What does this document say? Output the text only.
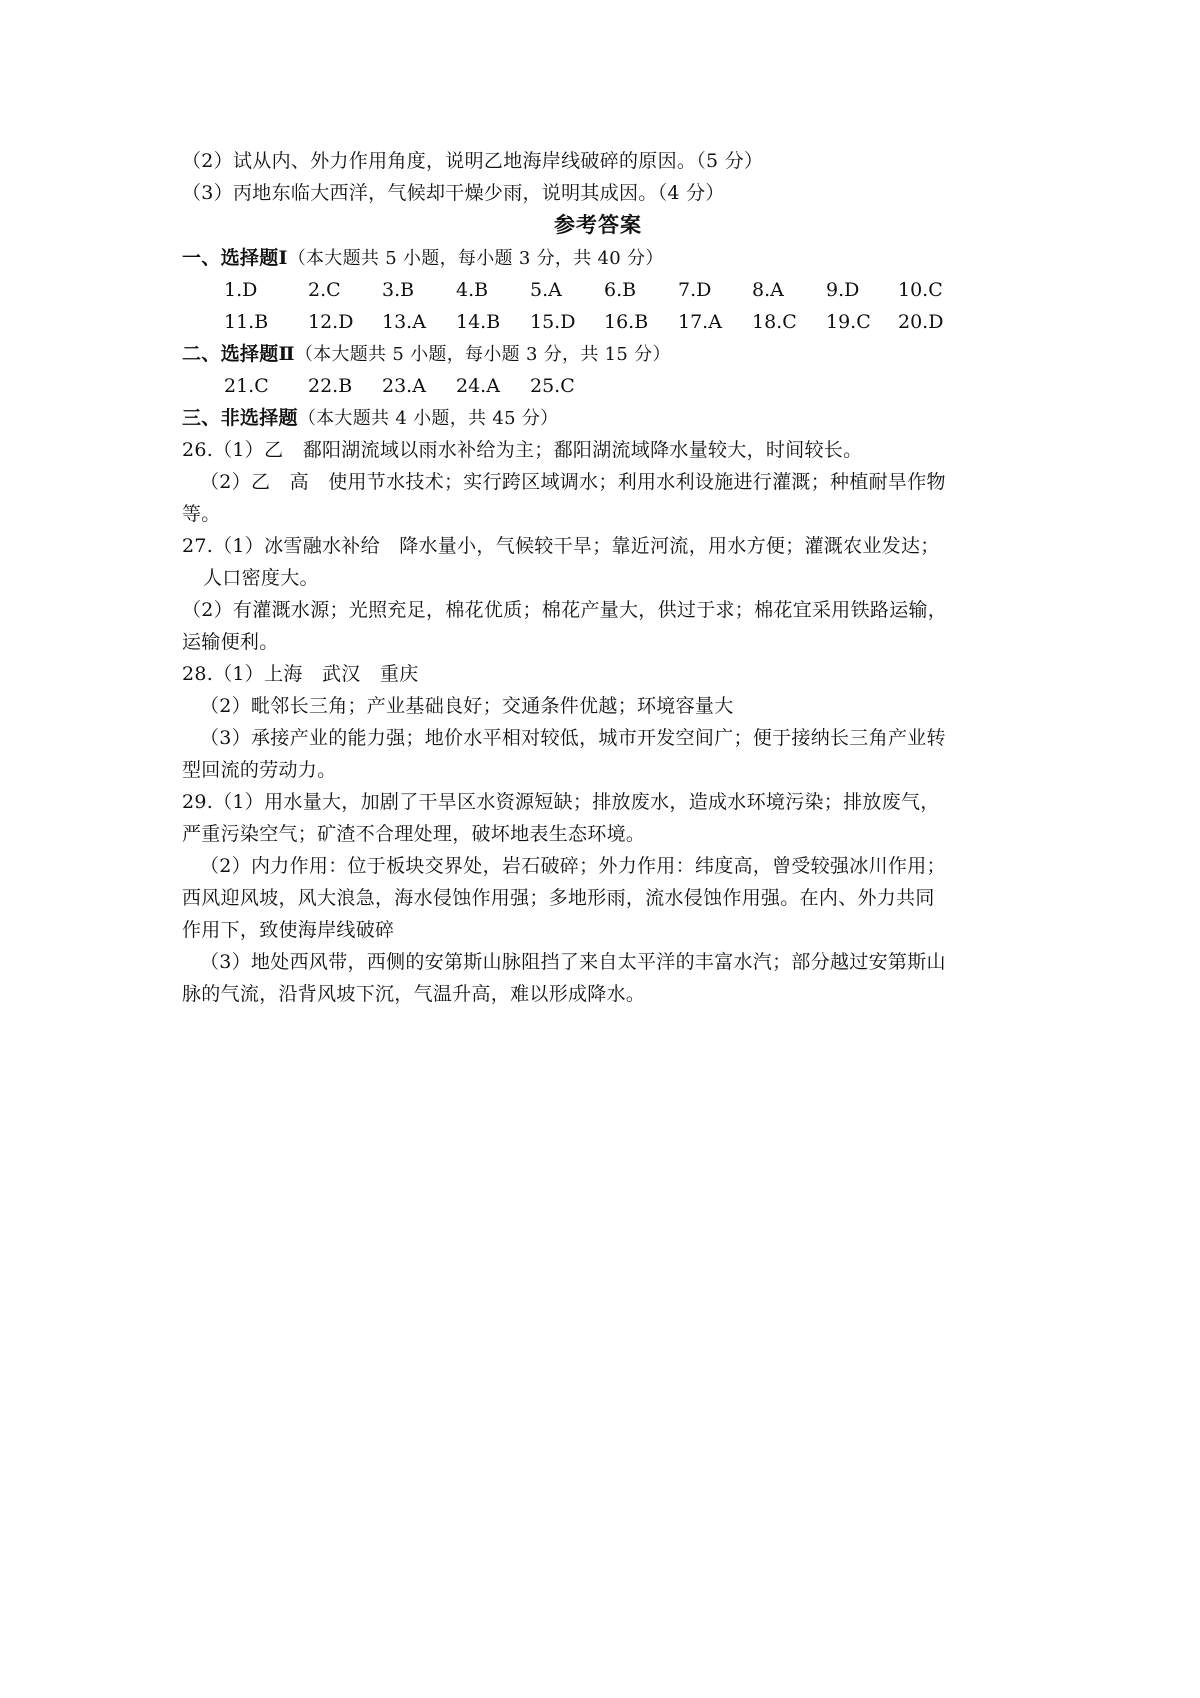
（2）试从内、外力作用角度，说明乙地海岸线破碎的原因。（5 分）
（3）丙地东临大西洋，气候却干燥少雨，说明其成因。（4 分）
参考答案
一、选择题Ⅰ（本大题共 5 小题，每小题 3 分，共 40 分）
1.D	2.C 3.B 4.B 5.A 6.B 7.D 8.A 9.D 10.C
11.B 12.D 13.A 14.B 15.D 16.B 17.A 18.C 19.C 20.D
二、选择题Ⅱ（本大题共 5 小题，每小题 3 分，共 15 分）
21.C 22.B 23.A 24.A 25.C
三、非选择题（本大题共 4 小题，共 45 分）
26.（1）乙　鄱阳湖流域以雨水补给为主；鄱阳湖流域降水量较大，时间较长。
（2）乙　高　使用节水技术；实行跨区域调水；利用水利设施进行灌溉；种植耐旱作物
等。
27.（1）冰雪融水补给　降水量小，气候较干旱；靠近河流，用水方便；灌溉农业发达；
人口密度大。
（2）有灌溉水源；光照充足，棉花优质；棉花产量大，供过于求；棉花宜采用铁路运输，
运输便利。
28.（1）上海　武汉　重庆
（2）毗邻长三角；产业基础良好；交通条件优越；环境容量大
（3）承接产业的能力强；地价水平相对较低，城市开发空间广；便于接纳长三角产业转
型回流的劳动力。
29.（1）用水量大，加剧了干旱区水资源短缺；排放废水，造成水环境污染；排放废气，
严重污染空气；矿渣不合理处理，破坏地表生态环境。
（2）内力作用：位于板块交界处，岩石破碎；外力作用：纬度高，曾受较强冰川作用；
西风迎风坡，风大浪急，海水侵蚀作用强；多地形雨，流水侵蚀作用强。在内、外力共同
作用下，致使海岸线破碎
（3）地处西风带，西侧的安第斯山脉阻挡了来自太平洋的丰富水汽；部分越过安第斯山
脉的气流，沿背风坡下沉，气温升高，难以形成降水。
